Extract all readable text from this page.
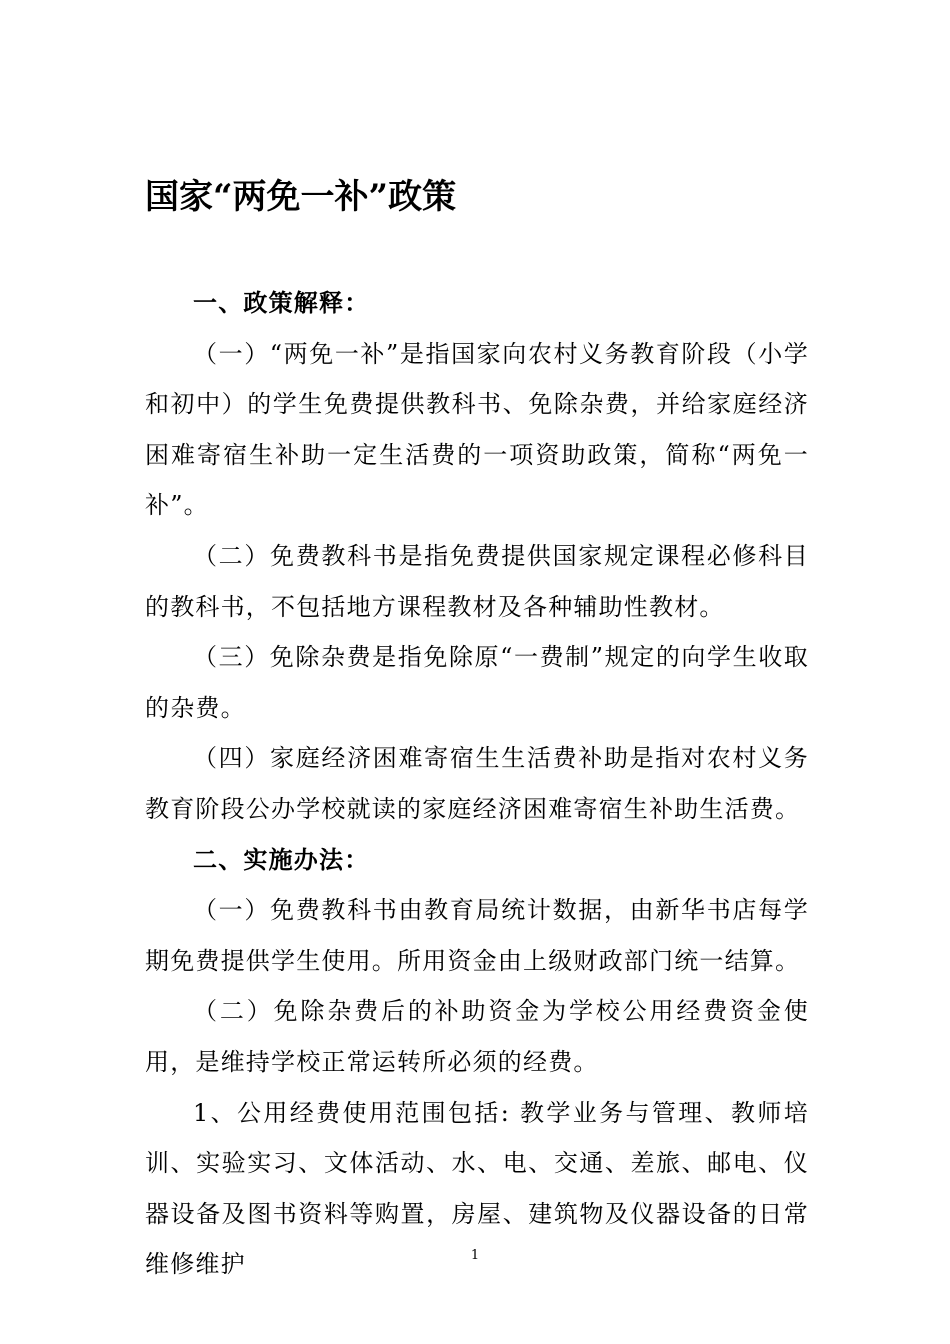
国家“两免一补”政策

一、政策解释：

（一）“两免一补”是指国家向农村义务教育阶段（小学和初中）的学生免费提供教科书、免除杂费，并给家庭经济困难寄宿生补助一定生活费的一项资助政策，简称“两免一补”。

（二）免费教科书是指免费提供国家规定课程必修科目的教科书，不包括地方课程教材及各种辅助性教材。

（三）免除杂费是指免除原“一费制”规定的向学生收取的杂费。

（四）家庭经济困难寄宿生生活费补助是指对农村义务教育阶段公办学校就读的家庭经济困难寄宿生补助生活费。

二、实施办法：

（一）免费教科书由教育局统计数据，由新华书店每学期免费提供学生使用。所用资金由上级财政部门统一结算。

（二）免除杂费后的补助资金为学校公用经费资金使用，是维持学校正常运转所必须的经费。

1、公用经费使用范围包括: 教学业务与管理、教师培训、实验实习、文体活动、水、电、交通、差旅、邮电、仪器设备及图书资料等购置，房屋、建筑物及仪器设备的日常维修维护	1
